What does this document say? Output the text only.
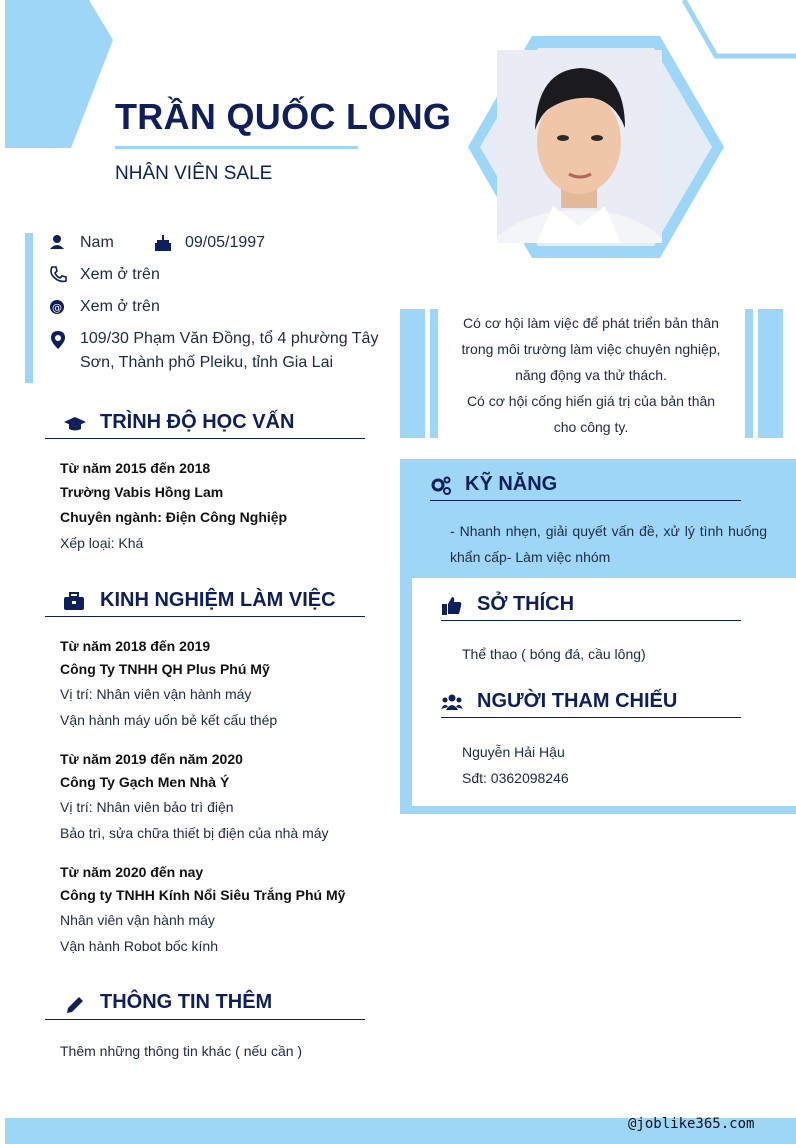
TRẦN QUỐC LONG
NHÂN VIÊN SALE
Nam	09/05/1997
Xem ở trên
@ Xem ở trên
109/30 Phạm Văn Đồng, tổ 4 phường Tây
Sơn, Thành phố Pleiku, tỉnh Gia Lai
Có cơ hội làm việc để phát triển bản thân
trong môi trường làm việc chuyên nghiệp,
năng động va thử thách.
Có cơ hội cống hiến giá trị của bản thân
cho công ty.
TRÌNH ĐỘ HỌC VẤN
Từ năm 2015 đến 2018
Trường Vabis Hồng Lam
Chuyên ngành: Điện Công Nghiệp
Xếp loại: Khá
KINH NGHIỆM LÀM VIỆC
Từ năm 2018 đến 2019
Công Ty TNHH QH Plus Phú Mỹ
Vị trí: Nhân viên vận hành máy
Vận hành máy uốn bẻ kết cấu thép
Từ năm 2019 đến năm 2020
Công Ty Gạch Men Nhà Ý
Vị trí: Nhân viên bảo trì điện
Bảo trì, sửa chữa thiết bị điện của nhà máy
Từ năm 2020 đến nay
Công ty TNHH Kính Nổi Siêu Trắng Phú Mỹ
Nhân viên vận hành máy
Vận hành Robot bốc kính
THÔNG TIN THÊM
Thêm những thông tin khác ( nếu cần )
KỸ NĂNG
- Nhanh nhẹn, giải quyết vấn đề, xử lý tình huống khẩn cấp- Làm việc nhóm
SỞ THÍCH
Thể thao ( bóng đá, cầu lông)
NGƯỜI THAM CHIẾU
Nguyễn Hải Hậu
Sđt: 0362098246
@joblike365.com
